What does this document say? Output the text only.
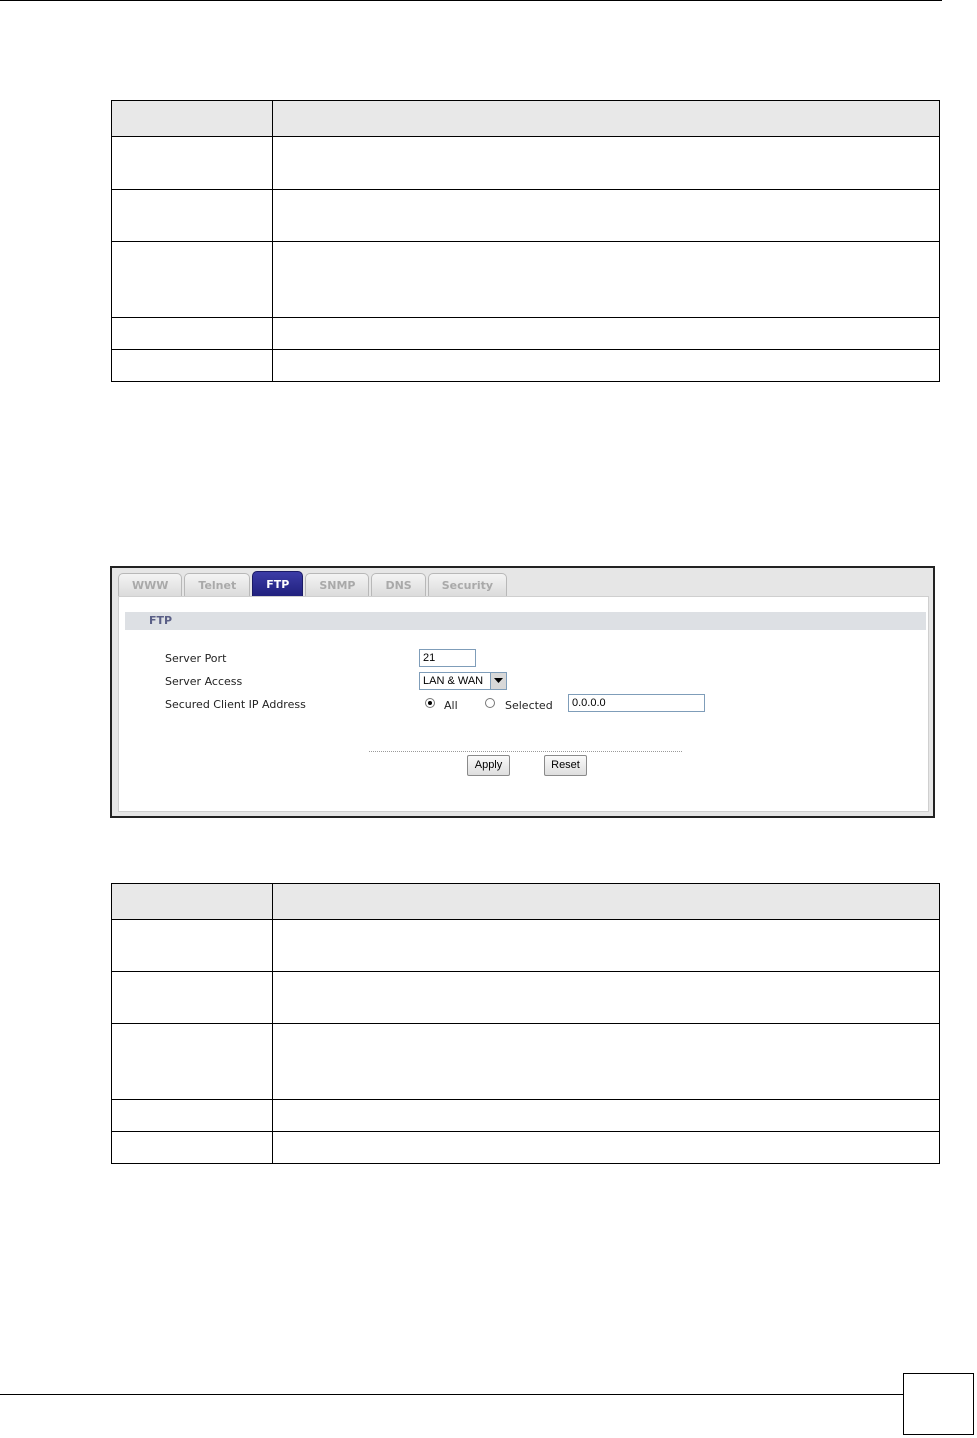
WWW	Telnet	FTP	SNMP	DNS	Security
FTP
Server Port	21
Server Access	LAN & WAN
Secured Client IP Address	All	Selected	0.0.0.0
Apply	Reset
